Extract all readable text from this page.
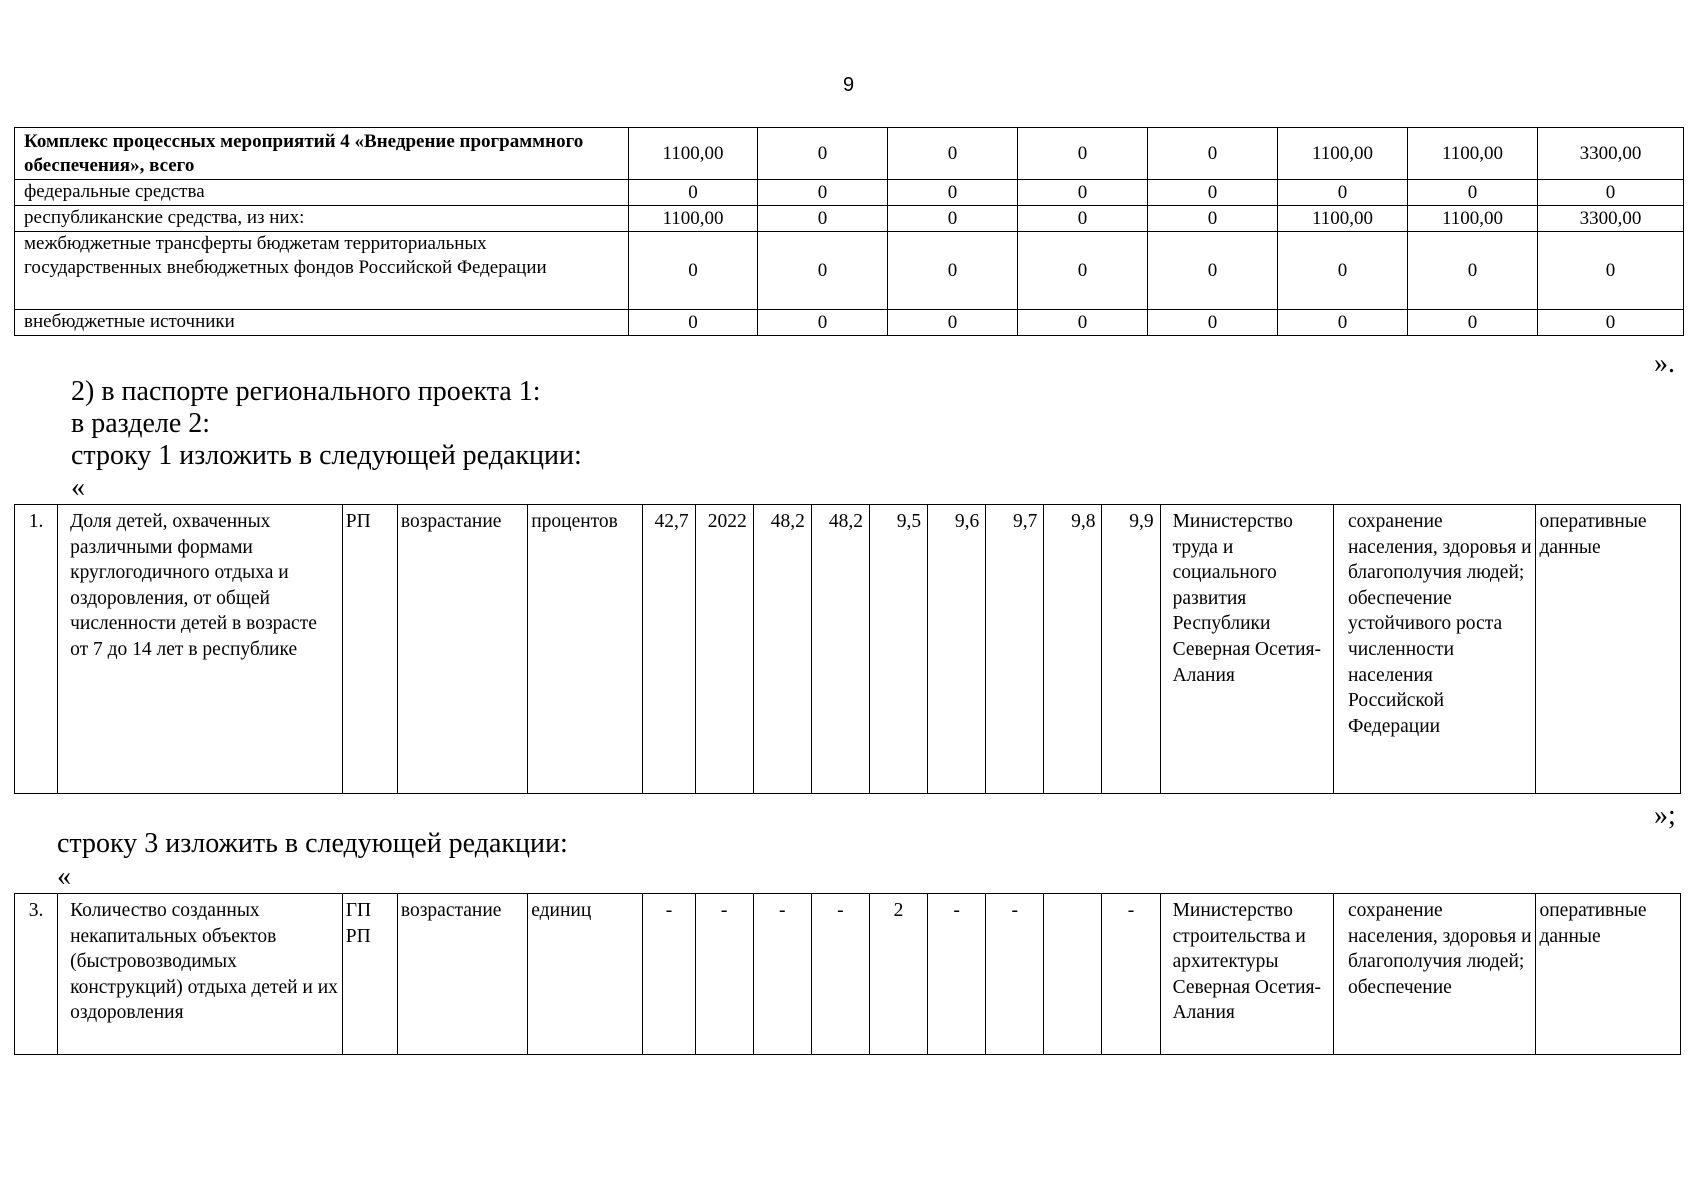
9
Комплекс процессных мероприятий 4 «Внедрение программного обеспечения», всего	1100,00	0	0	0	0	1100,00	1100,00	3300,00
федеральные средства	0	0	0	0	0	0	0	0
республиканские средства, из них:	1100,00	0	0	0	0	1100,00	1100,00	3300,00
межбюджетные трансферты бюджетам территориальных государственных внебюджетных фондов Российской Федерации	0	0	0	0	0	0	0	0
внебюджетные источники	0	0	0	0	0	0	0	0
».
2) в паспорте регионального проекта 1:
в разделе 2:
строку 1 изложить в следующей редакции:
«
1.	Доля детей, охваченных различными формами круглогодичного отдыха и оздоровления, от общей численности детей в возрасте от 7 до 14 лет в республике	РП	возрастание	процентов	42,7	2022	48,2	48,2	9,5	9,6	9,7	9,8	9,9	Министерство труда и социального развития Республики Северная Осетия-Алания	сохранение населения, здоровья и благополучия людей; обеспечение устойчивого роста численности населения Российской Федерации	оперативные данные
»;
строку 3 изложить в следующей редакции:
«
3.	Количество созданных некапитальных объектов (быстровозводимых конструкций) отдыха детей и их оздоровления	ГП РП	возрастание	единиц	-	-	-	-	2	-	-		-	Министерство строительства и архитектуры Северная Осетия-Алания	сохранение населения, здоровья и благополучия людей; обеспечение	оперативные данные
